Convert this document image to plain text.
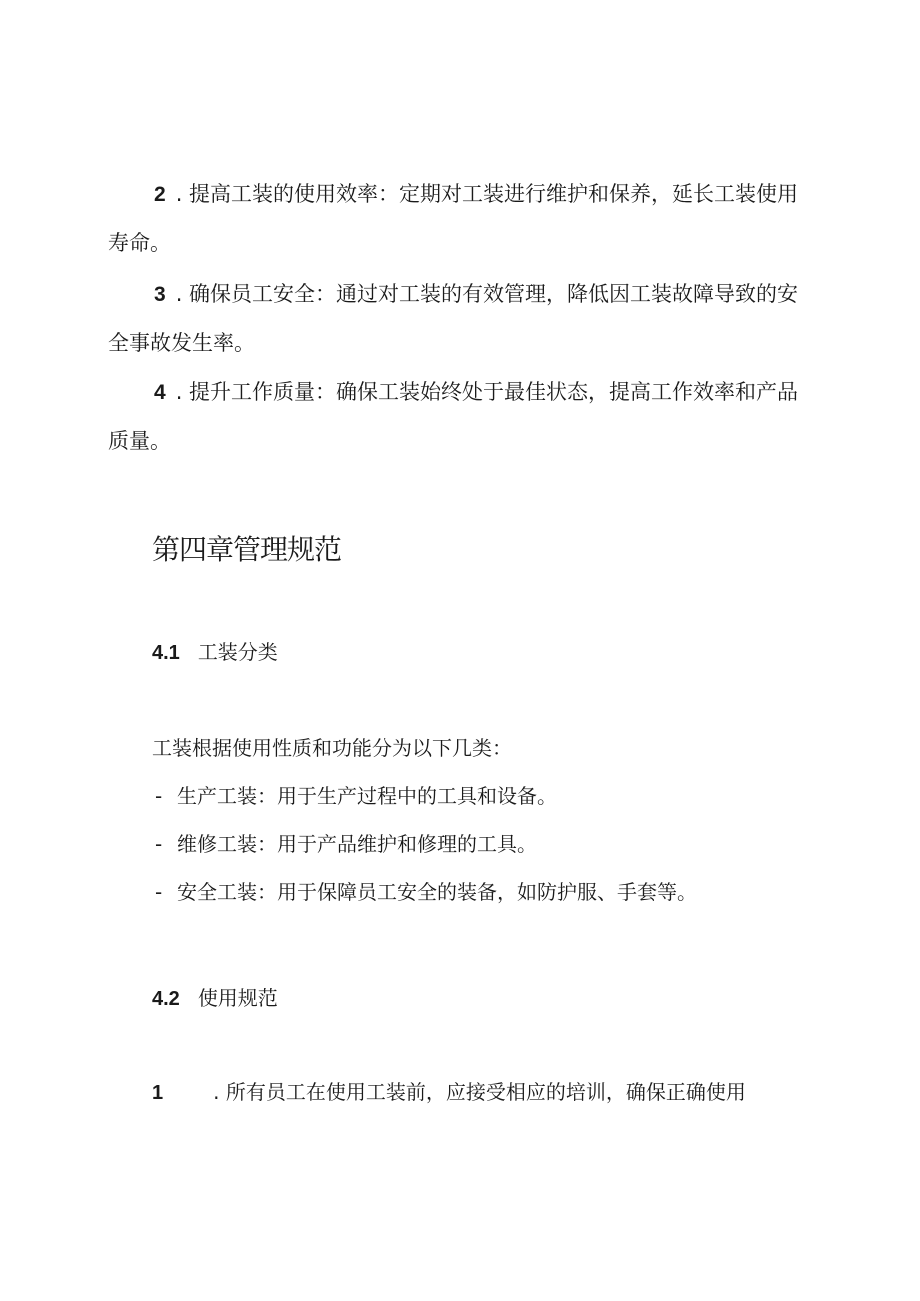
2 . 提高工装的使用效率：定期对工装进行维护和保养，延长工装使用寿命。
3 . 确保员工安全：通过对工装的有效管理，降低因工装故障导致的安全事故发生率。
4 . 提升工作质量：确保工装始终处于最佳状态，提高工作效率和产品质量。
第四章管理规范
4.1 工装分类
工装根据使用性质和功能分为以下几类：
- 生产工装：用于生产过程中的工具和设备。
- 维修工装：用于产品维护和修理的工具。
- 安全工装：用于保障员工安全的装备，如防护服、手套等。
4.2 使用规范
1	. 所有员工在使用工装前，应接受相应的培训，确保正确使用
